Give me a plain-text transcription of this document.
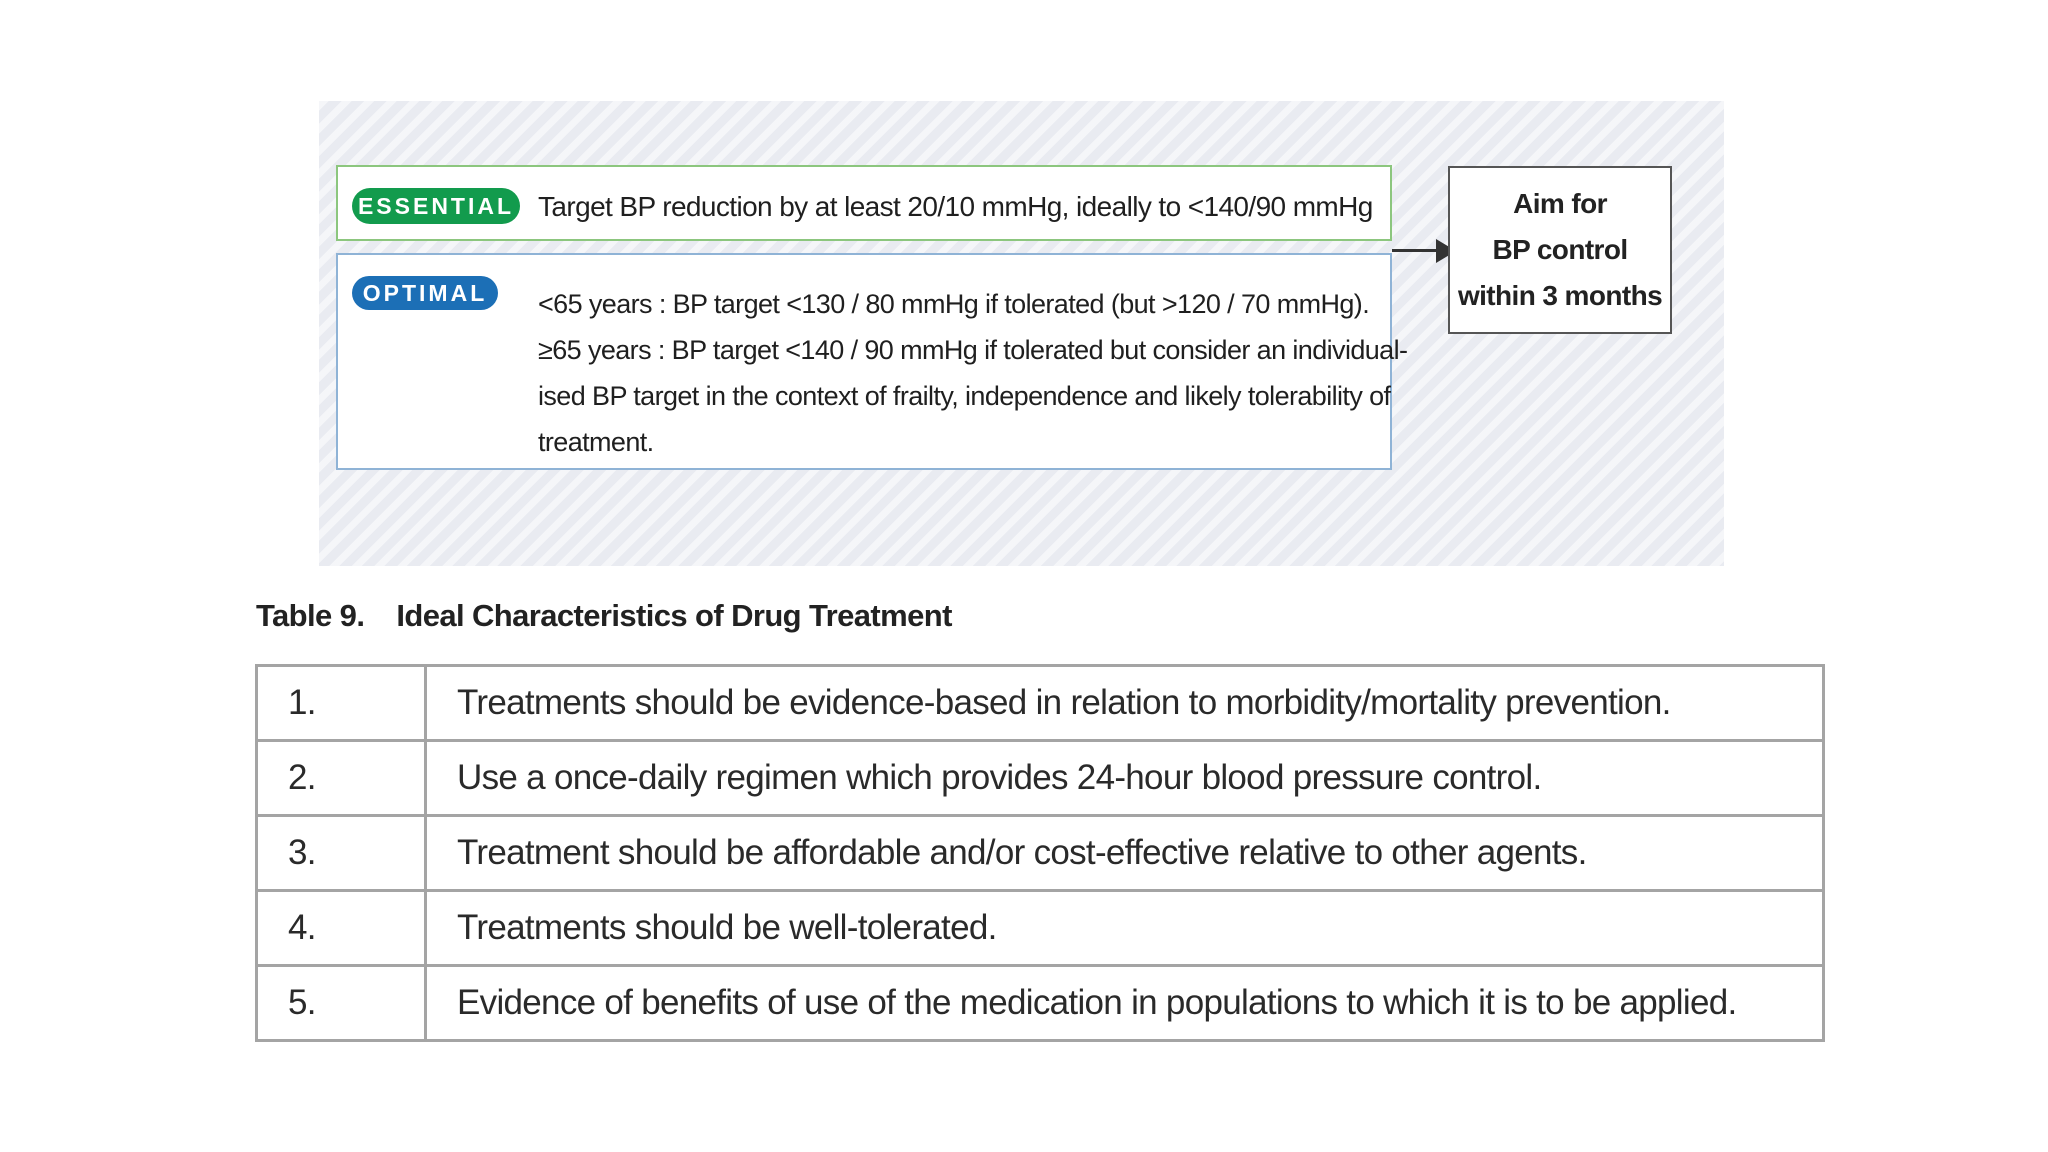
ESSENTIAL Target BP reduction by at least 20/10 mmHg, ideally to <140/90 mmHg
OPTIMAL	<65 years : BP target <130 / 80 mmHg if tolerated (but >120 / 70 mmHg).
≥65 years : BP target <140 / 90 mmHg if tolerated but consider an individual-
ised BP target in the context of frailty, independence and likely tolerability of
treatment.
Aim for
BP control
within 3 months
Table 9. Ideal Characteristics of Drug Treatment
1.	Treatments should be evidence-based in relation to morbidity/mortality prevention.
2.	Use a once-daily regimen which provides 24-hour blood pressure control.
3.	Treatment should be affordable and/or cost-effective relative to other agents.
4.	Treatments should be well-tolerated.
5.	Evidence of benefits of use of the medication in populations to which it is to be applied.
